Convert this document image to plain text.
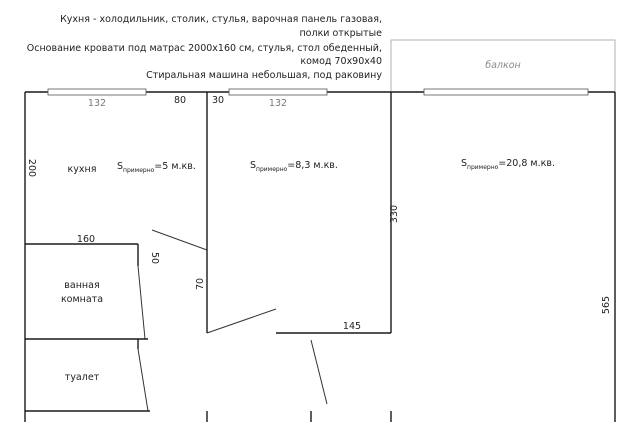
Кухня - холодильник, столик, стулья, варочная панель газовая,
полки открытые
Основание кровати под матрас 2000х160 см, стулья, стол обеденный,
комод 70х90х40
Стиральная машина небольшая, под раковину
балкон
132	80	30	132
200
160
50
70
330
145
565
кухня $S_{примерно}=5$ м.кв.	$S_{примерно}=8,3$ м.кв.	$S_{примерно}=20,8$ м.кв.
ванная
комната
туалет
